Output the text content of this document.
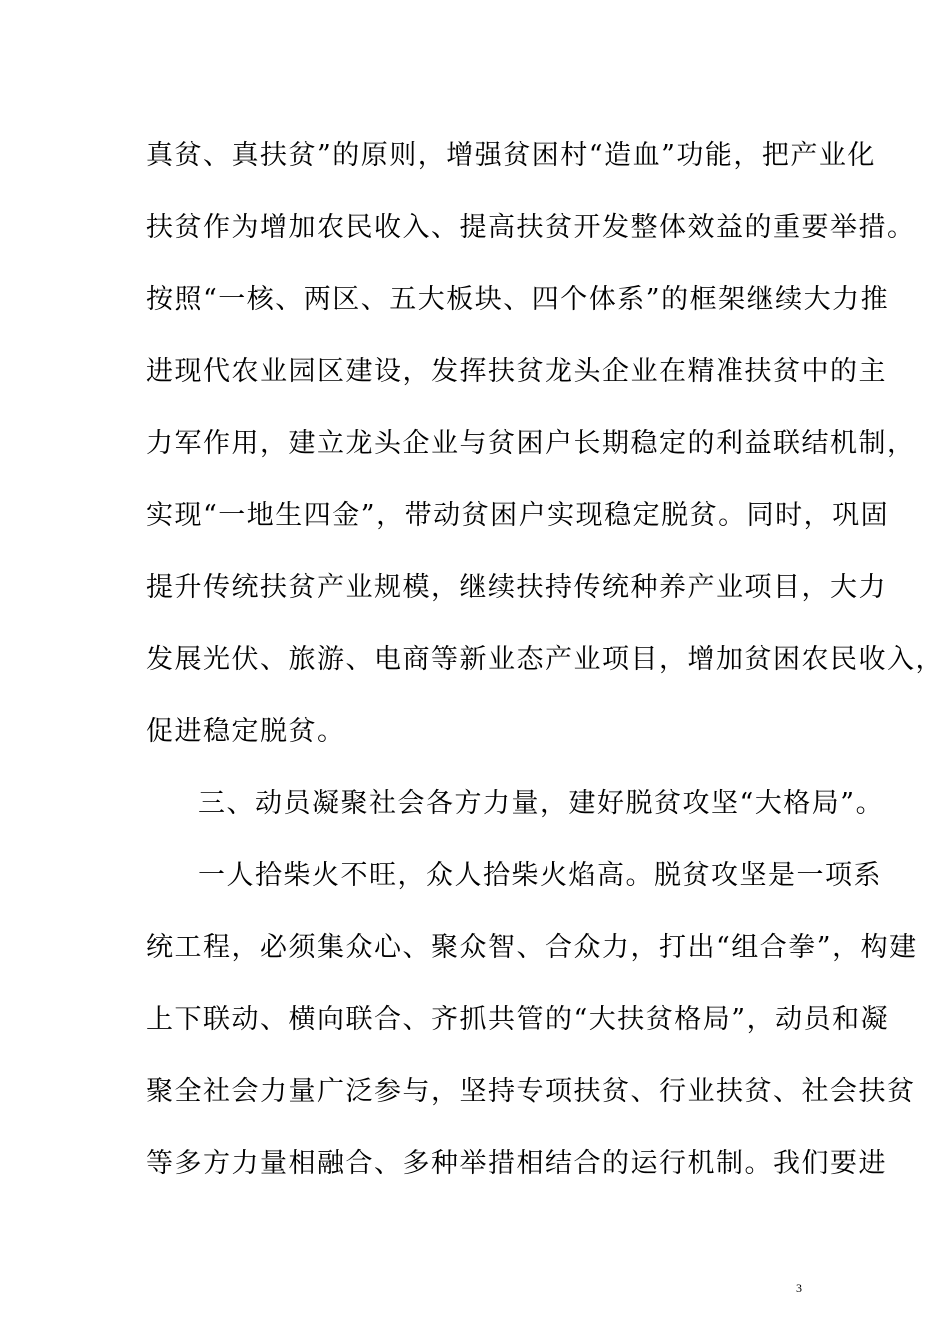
真贫、真扶贫”的原则，增强贫困村“造血”功能，把产业化
扶贫作为增加农民收入、提高扶贫开发整体效益的重要举措。
按照“一核、两区、五大板块、四个体系”的框架继续大力推
进现代农业园区建设，发挥扶贫龙头企业在精准扶贫中的主
力军作用，建立龙头企业与贫困户长期稳定的利益联结机制，
实现“一地生四金”，带动贫困户实现稳定脱贫。同时，巩固
提升传统扶贫产业规模，继续扶持传统种养产业项目，大力
发展光伏、旅游、电商等新业态产业项目，增加贫困农民收入，
促进稳定脱贫。
三、动员凝聚社会各方力量，建好脱贫攻坚“大格局”。
一人拾柴火不旺，众人拾柴火焰高。脱贫攻坚是一项系
统工程，必须集众心、聚众智、合众力，打出“组合拳”，构建
上下联动、横向联合、齐抓共管的“大扶贫格局”，动员和凝
聚全社会力量广泛参与，坚持专项扶贫、行业扶贫、社会扶贫
等多方力量相融合、多种举措相结合的运行机制。我们要进
3
